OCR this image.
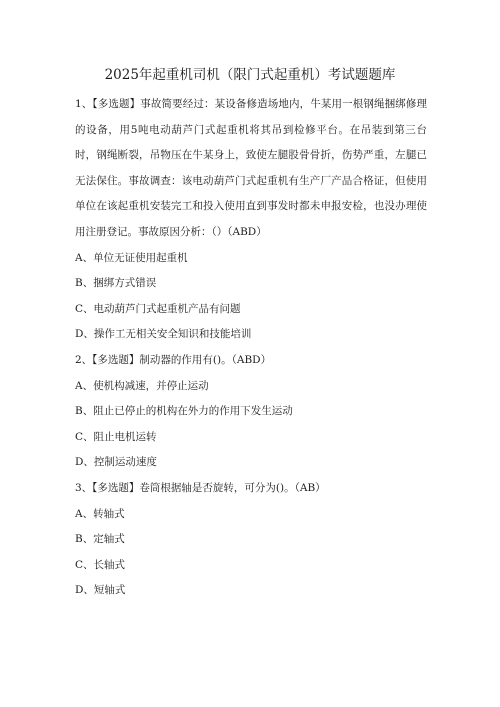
2025年起重机司机（限门式起重机）考试题题库

1、【多选题】事故简要经过：某设备修造场地内，牛某用一根钢绳捆绑修理的设备，用5吨电动葫芦门式起重机将其吊到检修平台。在吊装到第三台时，钢绳断裂，吊物压在牛某身上，致使左腿股骨骨折，伤势严重，左腿已无法保住。事故调查：该电动葫芦门式起重机有生产厂产品合格证，但使用单位在该起重机安装完工和投入使用直到事发时都未申报安检，也没办理使用注册登记。事故原因分析：（）（ABD）

A、单位无证使用起重机

B、捆绑方式错误

C、电动葫芦门式起重机产品有问题

D、操作工无相关安全知识和技能培训

2、【多选题】制动器的作用有()。（ABD）

A、使机构减速，并停止运动

B、阻止已停止的机构在外力的作用下发生运动

C、阻止电机运转

D、控制运动速度

3、【多选题】卷筒根据轴是否旋转，可分为()。（AB）

A、转轴式

B、定轴式

C、长轴式

D、短轴式
